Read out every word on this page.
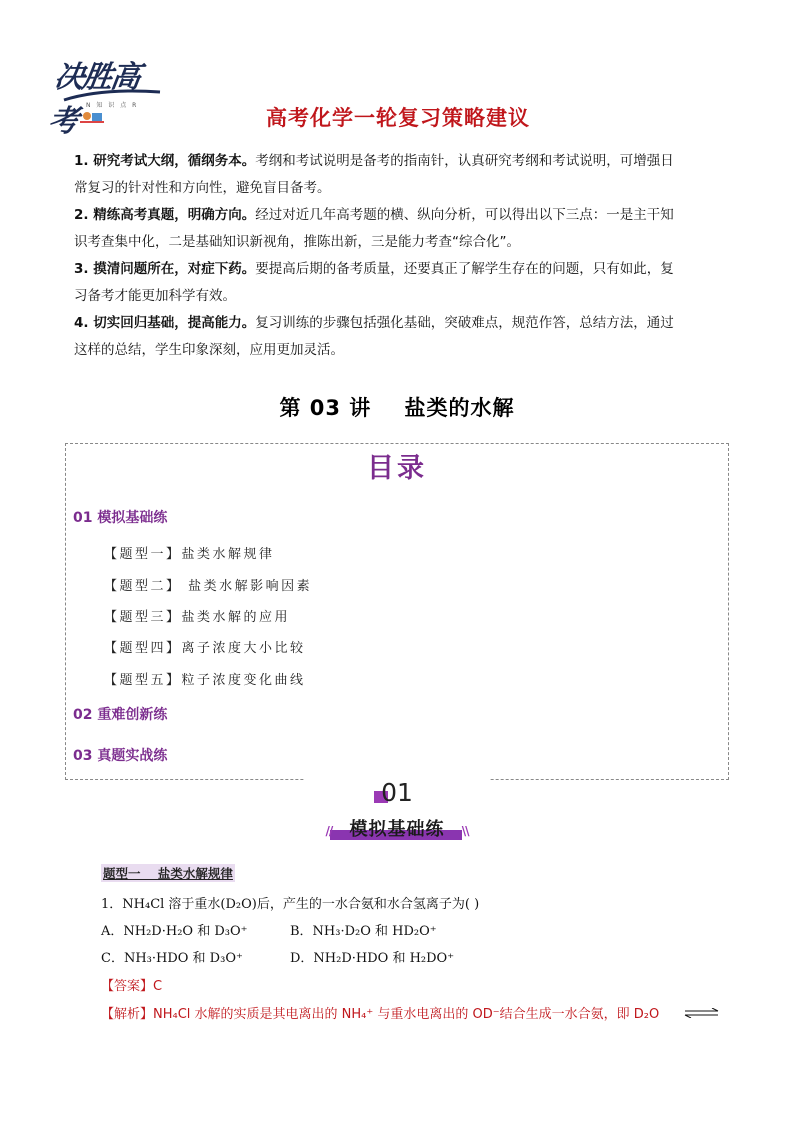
决胜高考	N 知 识 点 R
高考化学一轮复习策略建议
1. 研究考试大纲，循纲务本。考纲和考试说明是备考的指南针，认真研究考纲和考试说明，可增强日
常复习的针对性和方向性，避免盲目备考。
2. 精练高考真题，明确方向。经过对近几年高考题的横、纵向分析，可以得出以下三点：一是主干知
识考查集中化，二是基础知识新视角，推陈出新，三是能力考查“综合化”。
3. 摸清问题所在，对症下药。要提高后期的备考质量，还要真正了解学生存在的问题，只有如此，复
习备考才能更加科学有效。
4. 切实回归基础，提高能力。复习训练的步骤包括强化基础，突破难点，规范作答，总结方法，通过
这样的总结，学生印象深刻，应用更加灵活。
第 03 讲    盐类的水解
目录
01 模拟基础练
【题型一】盐类水解规律
【题型二】 盐类水解影响因素
【题型三】盐类水解的应用
【题型四】离子浓度大小比较
【题型五】粒子浓度变化曲线
02 重难创新练
03 真题实战练
01
// 模拟基础练 \\
题型一    盐类水解规律
1．NH₄Cl 溶于重水(D₂O)后，产生的一水合氨和水合氢离子为( )
A．NH₂D·H₂O 和 D₃O⁺	B．NH₃·D₂O 和 HD₂O⁺
C．NH₃·HDO 和 D₃O⁺	D．NH₂D·HDO 和 H₂DO⁺
【答案】C
【解析】NH₄Cl 水解的实质是其电离出的 NH₄⁺ 与重水电离出的 OD⁻结合生成一水合氨，即 D₂O
